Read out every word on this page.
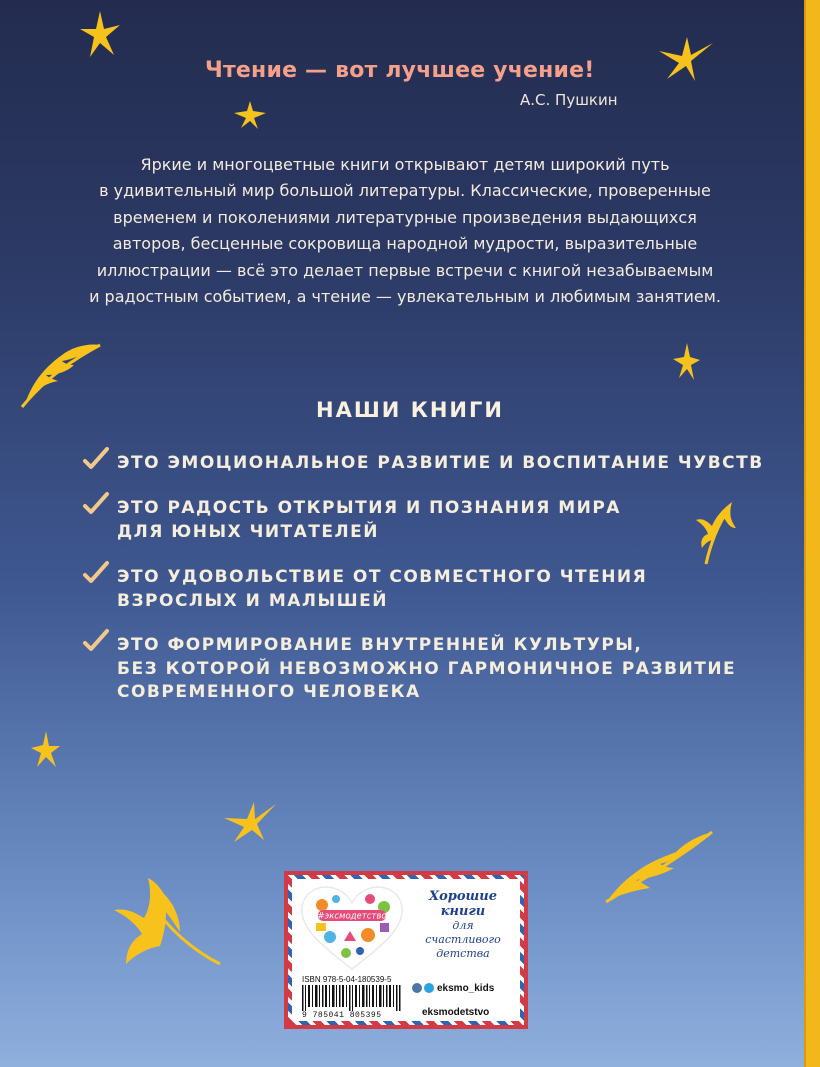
Чтение — вот лучшее учение!
А.С. Пушкин

Яркие и многоцветные книги открывают детям широкий путь

в удивительный мир большой литературы. Классические, проверенные

временем и поколениями литературные произведения выдающихся

авторов, бесценные сокровища народной мудрости, выразительные

иллюстрации — всё это делает первые встречи с книгой незабываемым

и радостным событием, а чтение — увлекательным и любимым занятием.

НАШИ КНИГИ
ЭТО ЭМОЦИОНАЛЬНОЕ РАЗВИТИЕ И ВОСПИТАНИЕ ЧУВСТВ
ЭТО РАДОСТЬ ОТКРЫТИЯ И ПОЗНАНИЯ МИРА
ДЛЯ ЮНЫХ ЧИТАТЕЛЕЙ
ЭТО УДОВОЛЬСТВИЕ ОТ СОВМЕСТНОГО ЧТЕНИЯ
ВЗРОСЛЫХ И МАЛЫШЕЙ
ЭТО ФОРМИРОВАНИЕ ВНУТРЕННЕЙ КУЛЬТУРЫ,
БЕЗ КОТОРОЙ НЕВОЗМОЖНО ГАРМОНИЧНОЕ РАЗВИТИЕ
СОВРЕМЕННОГО ЧЕЛОВЕКА
#эксмодетство
Хорошие
книги
для счастливого
детства
ISBN 978-5-04-180539-5
9 785041 805395
eksmo_kids
eksmodetstvo
